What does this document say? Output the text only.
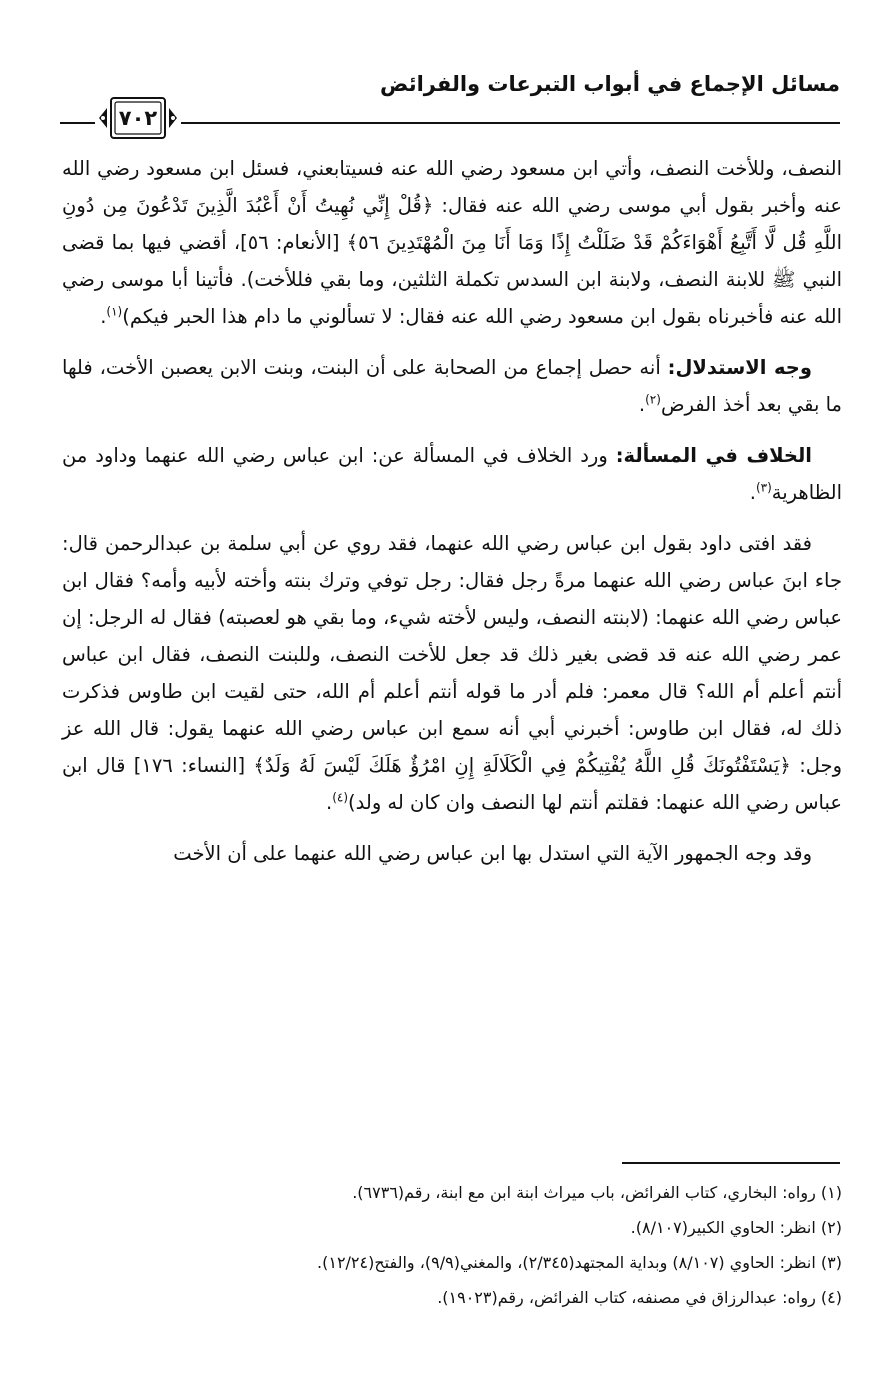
مسائل الإجماع في أبواب التبرعات والفرائض
٧٠٢

النصف، وللأخت النصف، وأتي ابن مسعود رضي الله عنه فسيتابعني، فسئل ابن مسعود رضي الله عنه وأخبر بقول أبي موسى رضي الله عنه فقال: ﴿قُلْ إِنِّي نُهِيتُ أَنْ أَعْبُدَ الَّذِينَ تَدْعُونَ مِن دُونِ اللَّهِ قُل لَّا أَتَّبِعُ أَهْوَاءَكُمْ قَدْ ضَلَلْتُ إِذًا وَمَا أَنَا مِنَ الْمُهْتَدِينَ ٥٦﴾ [الأنعام: ٥٦]، أقضي فيها بما قضى النبي ﷺ للابنة النصف، ولابنة ابن السدس تكملة الثلثين، وما بقي فللأخت). فأتينا أبا موسى رضي الله عنه فأخبرناه بقول ابن مسعود رضي الله عنه فقال: لا تسألوني ما دام هذا الحبر فيكم)$^{(١)}$.

وجه الاستدلال: أنه حصل إجماع من الصحابة على أن البنت، وبنت الابن يعصبن الأخت، فلها ما بقي بعد أخذ الفرض$^{(٢)}$.

الخلاف في المسألة: ورد الخلاف في المسألة عن: ابن عباس رضي الله عنهما وداود من الظاهرية$^{(٣)}$.

فقد افتى داود بقول ابن عباس رضي الله عنهما، فقد روي عن أبي سلمة بن عبدالرحمن قال: جاء ابنَ عباس رضي الله عنهما مرةً رجل فقال: رجل توفي وترك بنته وأخته لأبيه وأمه؟ فقال ابن عباس رضي الله عنهما: (لابنته النصف، وليس لأخته شيء، وما بقي هو لعصبته) فقال له الرجل: إن عمر رضي الله عنه قد قضى بغير ذلك قد جعل للأخت النصف، وللبنت النصف، فقال ابن عباس أنتم أعلم أم الله؟ قال معمر: فلم أدر ما قوله أنتم أعلم أم الله، حتى لقيت ابن طاوس فذكرت ذلك له، فقال ابن طاوس: أخبرني أبي أنه سمع ابن عباس رضي الله عنهما يقول: قال الله عز وجل: ﴿يَسْتَفْتُونَكَ قُلِ اللَّهُ يُفْتِيكُمْ فِي الْكَلَالَةِ إِنِ امْرُؤٌ هَلَكَ لَيْسَ لَهُ وَلَدٌ﴾ [النساء: ١٧٦] قال ابن عباس رضي الله عنهما: فقلتم أنتم لها النصف وان كان له ولد)$^{(٤)}$.

وقد وجه الجمهور الآية التي استدل بها ابن عباس رضي الله عنهما على أن الأخت

(١) رواه: البخاري، كتاب الفرائض، باب ميراث ابنة ابن مع ابنة، رقم(٦٧٣٦).
(٢) انظر: الحاوي الكبير(٨/١٠٧).
(٣) انظر: الحاوي (٨/١٠٧) وبداية المجتهد(٢/٣٤٥)، والمغني(٩/٩)، والفتح(١٢/٢٤).
(٤) رواه: عبدالرزاق في مصنفه، كتاب الفرائض، رقم(١٩٠٢٣).
